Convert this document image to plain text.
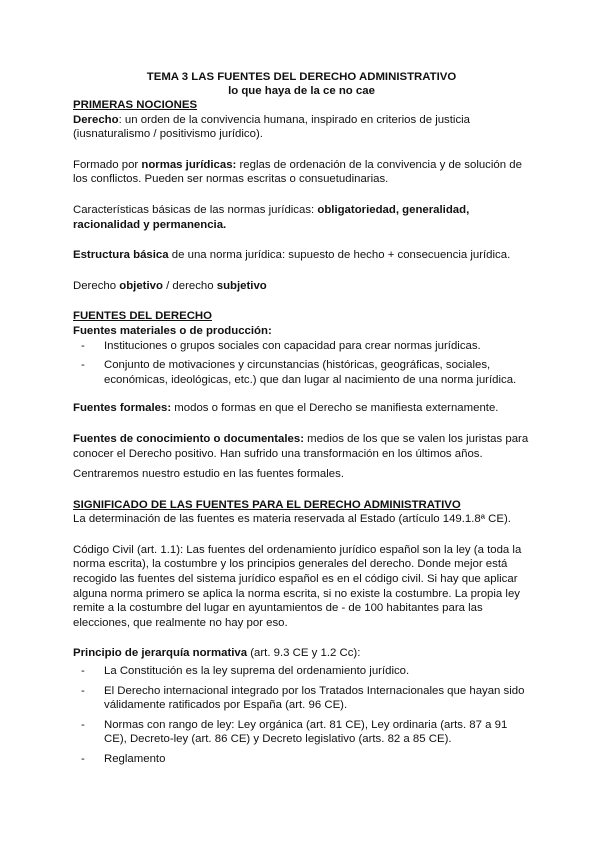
TEMA 3 LAS FUENTES DEL DERECHO ADMINISTRATIVO
lo que haya de la ce no cae
PRIMERAS NOCIONES

Derecho: un orden de la convivencia humana, inspirado en criterios de justicia (iusnaturalismo / positivismo jurídico).

Formado por normas jurídicas: reglas de ordenación de la convivencia y de solución de los conflictos. Pueden ser normas escritas o consuetudinarias.

Características básicas de las normas jurídicas: obligatoriedad, generalidad, racionalidad y permanencia.

Estructura básica de una norma jurídica: supuesto de hecho + consecuencia jurídica.

Derecho objetivo / derecho subjetivo

FUENTES DEL DERECHO

Fuentes materiales o de producción:

- Instituciones o grupos sociales con capacidad para crear normas jurídicas.
- Conjunto de motivaciones y circunstancias (históricas, geográficas, sociales, económicas, ideológicas, etc.) que dan lugar al nacimiento de una norma jurídica.

Fuentes formales: modos o formas en que el Derecho se manifiesta externamente.

Fuentes de conocimiento o documentales: medios de los que se valen los juristas para conocer el Derecho positivo. Han sufrido una transformación en los últimos años.

Centraremos nuestro estudio en las fuentes formales.

SIGNIFICADO DE LAS FUENTES PARA EL DERECHO ADMINISTRATIVO

La determinación de las fuentes es materia reservada al Estado (artículo 149.1.8ª CE).

Código Civil (art. 1.1): Las fuentes del ordenamiento jurídico español son la ley (a toda la norma escrita), la costumbre y los principios generales del derecho. Donde mejor está recogido las fuentes del sistema jurídico español es en el código civil. Si hay que aplicar alguna norma primero se aplica la norma escrita, si no existe la costumbre. La propia ley remite a la costumbre del lugar en ayuntamientos de - de 100 habitantes para las elecciones, que realmente no hay por eso.

Principio de jerarquía normativa (art. 9.3 CE y 1.2 Cc):

- La Constitución es la ley suprema del ordenamiento jurídico.
- El Derecho internacional integrado por los Tratados Internacionales que hayan sido válidamente ratificados por España (art. 96 CE).
- Normas con rango de ley: Ley orgánica (art. 81 CE), Ley ordinaria (arts. 87 a 91 CE), Decreto-ley (art. 86 CE) y Decreto legislativo (arts. 82 a 85 CE).
- Reglamento
